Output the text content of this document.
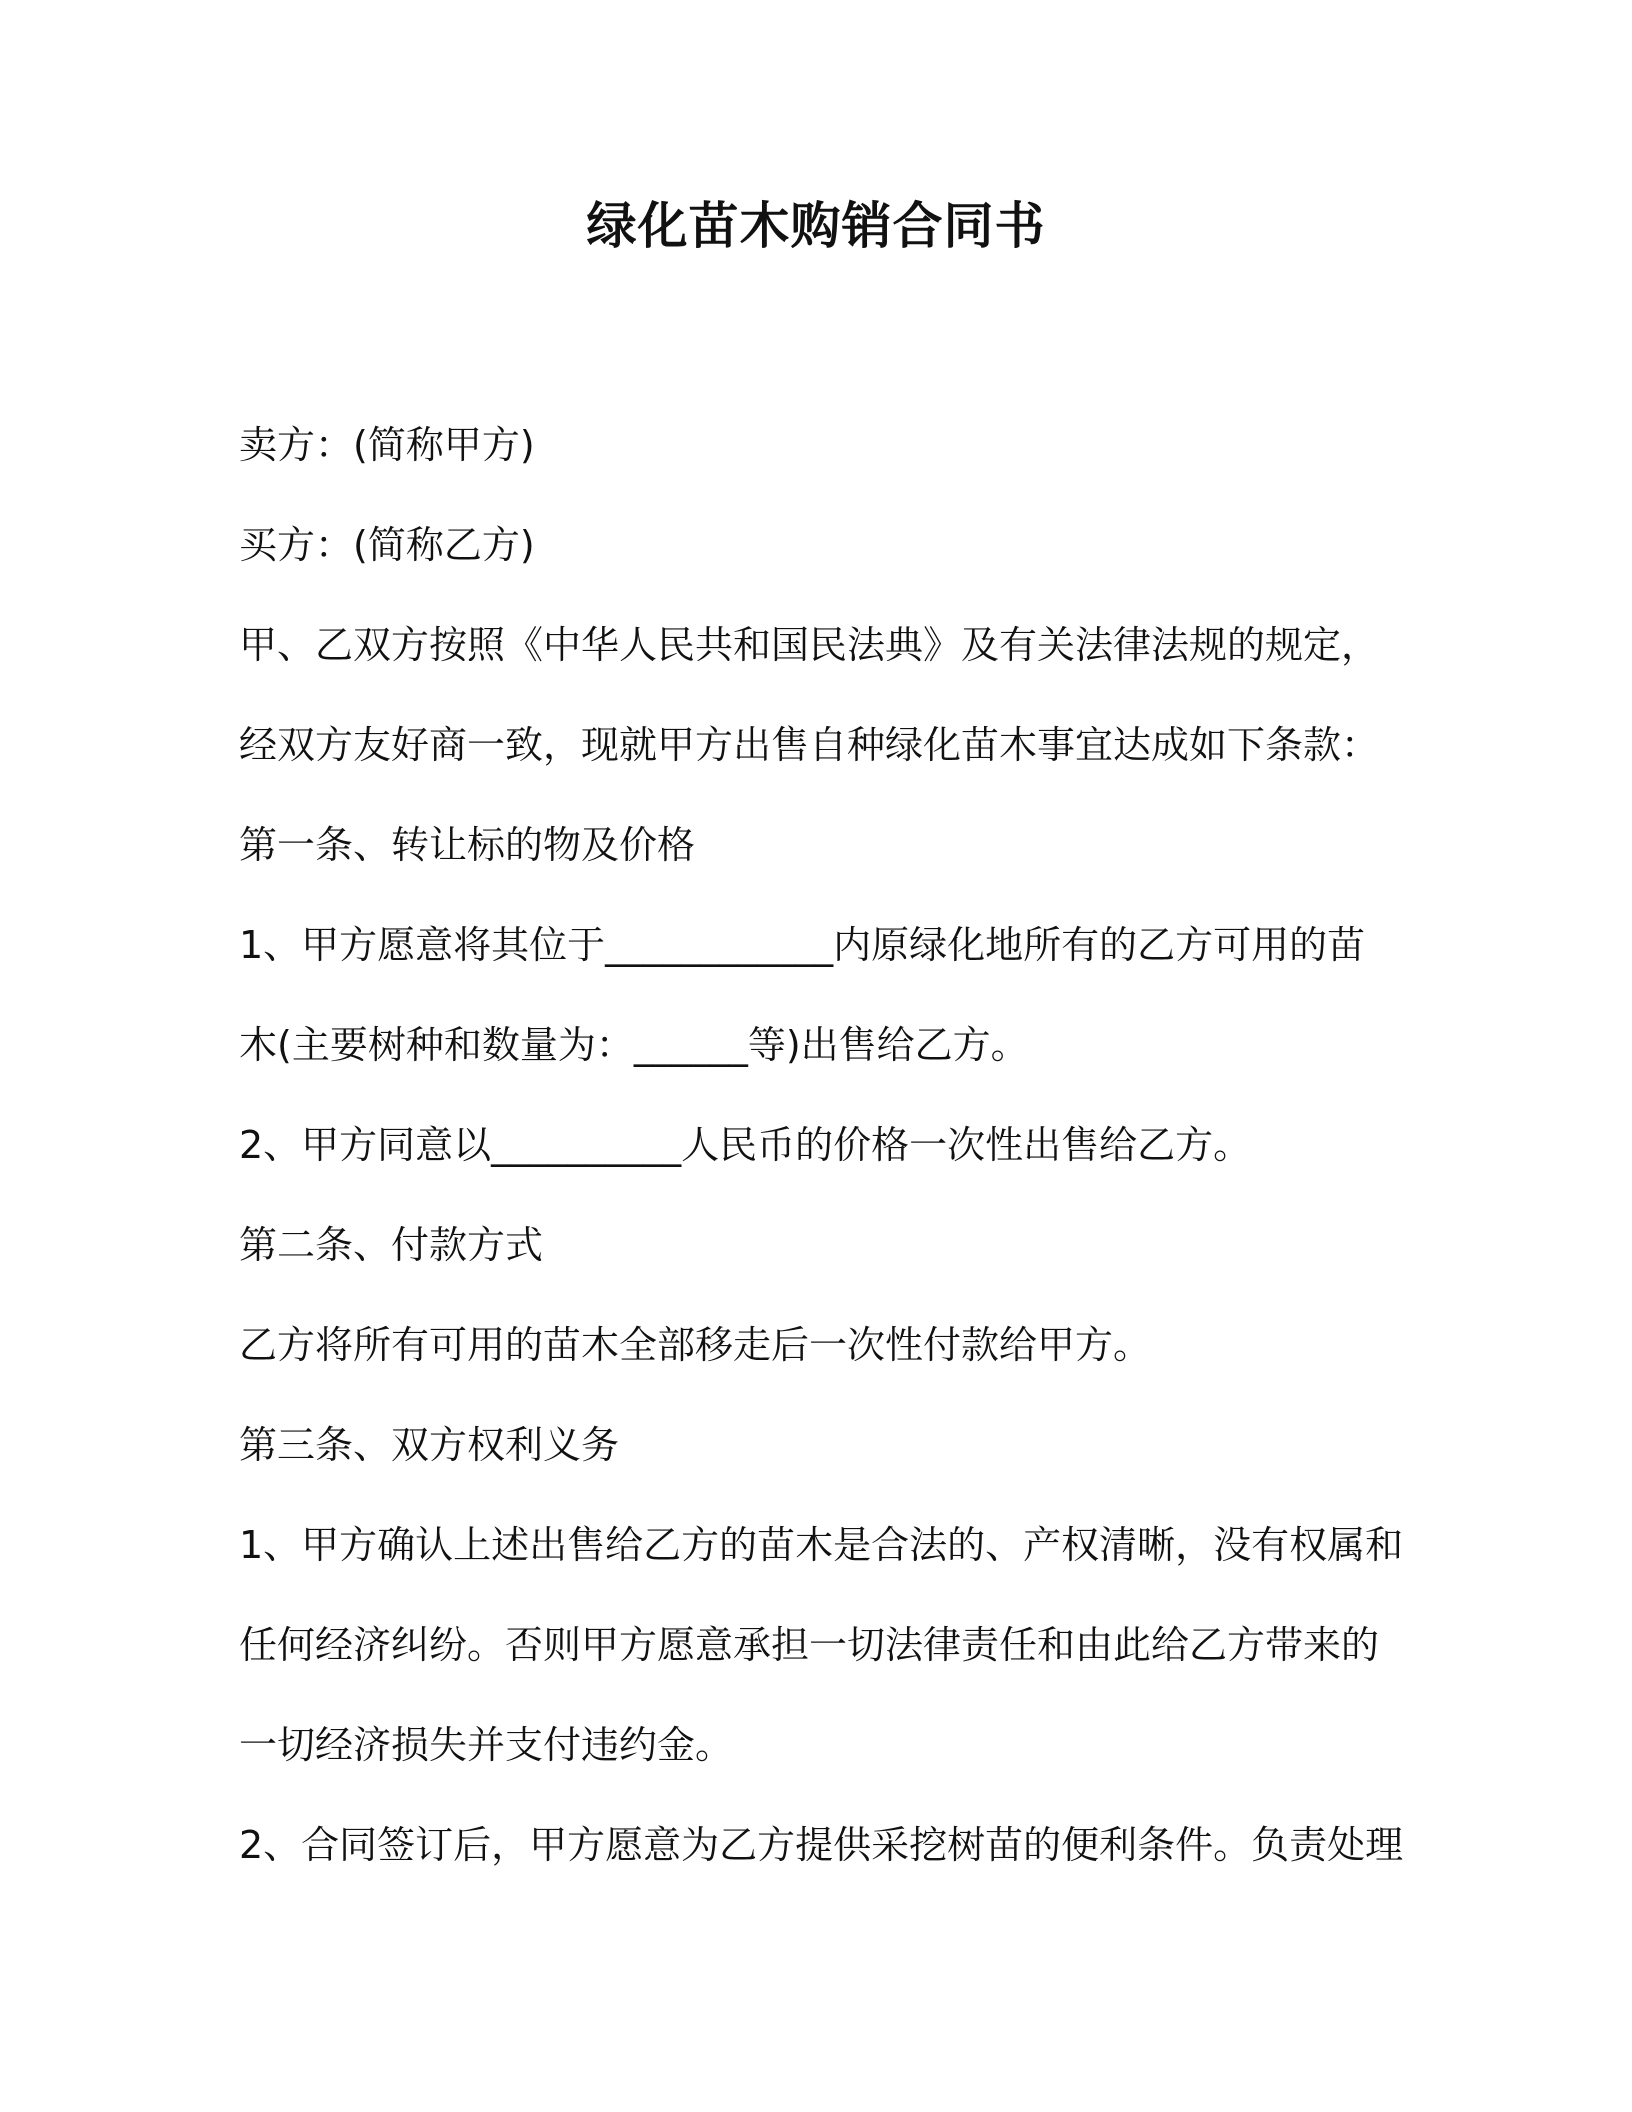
绿化苗木购销合同书
卖方：(简称甲方)
买方：(简称乙方)
甲、乙双方按照《中华人民共和国民法典》及有关法律法规的规定，
经双方友好商一致，现就甲方出售自种绿化苗木事宜达成如下条款：
第一条、转让标的物及价格
1、甲方愿意将其位于____________内原绿化地所有的乙方可用的苗
木(主要树种和数量为：______等)出售给乙方。
2、甲方同意以__________人民币的价格一次性出售给乙方。
第二条、付款方式
乙方将所有可用的苗木全部移走后一次性付款给甲方。
第三条、双方权利义务
1、甲方确认上述出售给乙方的苗木是合法的、产权清晰，没有权属和
任何经济纠纷。否则甲方愿意承担一切法律责任和由此给乙方带来的
一切经济损失并支付违约金。
2、合同签订后，甲方愿意为乙方提供采挖树苗的便利条件。负责处理
